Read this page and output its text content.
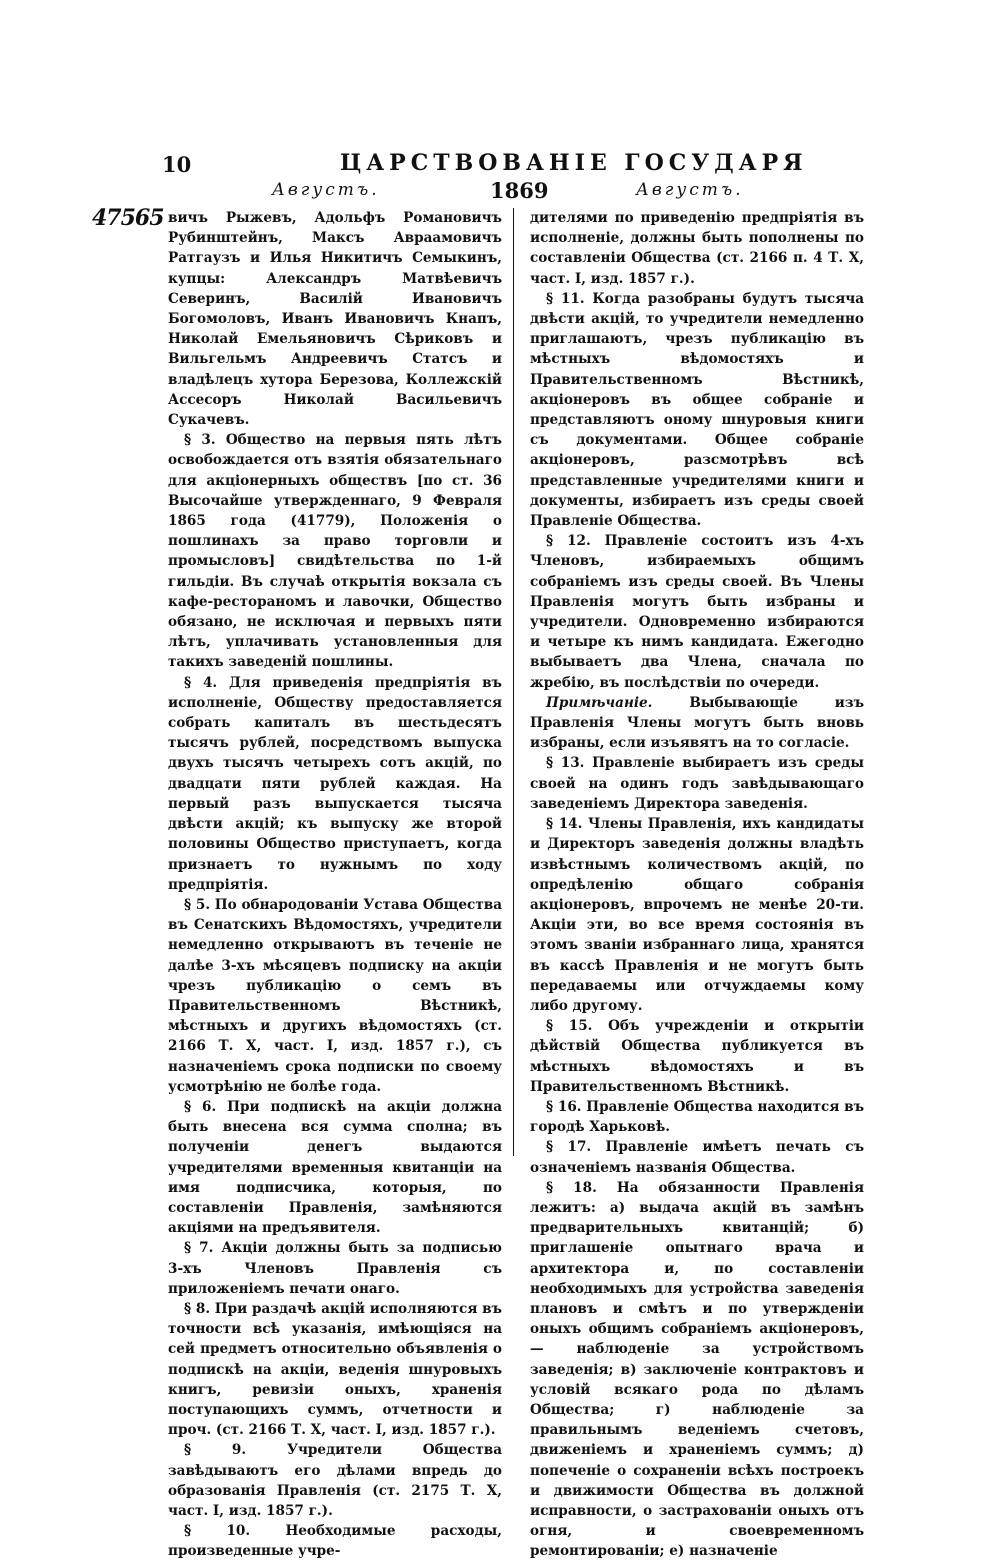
10	ЦАРСТВОВАНІЕ ГОСУДАРЯ
Августъ.	1869	Августъ.
47565 вичъ Рыжевъ, Адольфъ Романовичъ Рубинштейнъ, Максъ Авраамовичъ Ратгаузъ и Илья Никитичъ Семыкинъ, купцы: Александръ Матвѣевичъ Северинъ, Василій Ивановичъ Богомоловъ, Иванъ Ивановичъ Кнапъ, Николай Емельяновичъ Сѣриковъ и Вильгельмъ Андреевичъ Статсъ и владѣлецъ хутора Березова, Коллежскій Ассесоръ Николай Васильевичъ Сукачевъ.

§ 3. Общество на первыя пять лѣтъ освобождается отъ взятія обязательнаго для акціонерныхъ обществъ [по ст. 36 Высочайше утвержденнаго, 9 Февраля 1865 года (41779), Положенія о пошлинахъ за право торговли и промысловъ] свидѣтельства по 1-й гильдіи. Въ случаѣ открытія вокзала съ кафе-рестораномъ и лавочки, Общество обязано, не исключая и первыхъ пяти лѣтъ, уплачивать установленныя для такихъ заведеній пошлины.

§ 4. Для приведенія предпріятія въ исполненіе, Обществу предоставляется собрать капиталъ въ шестьдесятъ тысячъ рублей, посредствомъ выпуска двухъ тысячъ четырехъ сотъ акцій, по двадцати пяти рублей каждая. На первый разъ выпускается тысяча двѣсти акцій; къ выпуску же второй половины Общество приступаетъ, когда признаетъ то нужнымъ по ходу предпріятія.

§ 5. По обнародованіи Устава Общества въ Сенатскихъ Вѣдомостяхъ, учредители немедленно открываютъ въ теченіе не далѣе 3-хъ мѣсяцевъ подписку на акціи чрезъ публикацію о семъ въ Правительственномъ Вѣстникѣ, мѣстныхъ и другихъ вѣдомостяхъ (ст. 2166 Т. X, част. I, изд. 1857 г.), съ назначеніемъ срока подписки по своему усмотрѣнію не болѣе года.

§ 6. При подпискѣ на акціи должна быть внесена вся сумма сполна; въ полученіи денегъ выдаются учредителями временныя квитанціи на имя подписчика, которыя, по составленіи Правленія, замѣняются акціями на предъявителя.

§ 7. Акціи должны быть за подписью 3-хъ Членовъ Правленія съ приложеніемъ печати онаго.

§ 8. При раздачѣ акцій исполняются въ точности всѣ указанія, имѣющіяся на сей предметъ относительно объявленія о подпискѣ на акціи, веденія шнуровыхъ книгъ, ревизіи оныхъ, храненія поступающихъ суммъ, отчетности и проч. (ст. 2166 Т. X, част. I, изд. 1857 г.).

§ 9. Учредители Общества завѣдываютъ его дѣлами впредь до образованія Правленія (ст. 2175 Т. X, част. I, изд. 1857 г.).

§ 10. Необходимые расходы, произведенные учре-

дителями по приведенію предпріятія въ исполненіе, должны быть пополнены по составленіи Общества (ст. 2166 п. 4 Т. X, част. I, изд. 1857 г.).

§ 11. Когда разобраны будутъ тысяча двѣсти акцій, то учредители немедленно приглашаютъ, чрезъ публикацію въ мѣстныхъ вѣдомостяхъ и Правительственномъ Вѣстникѣ, акціонеровъ въ общее собраніе и представляютъ оному шнуровыя книги съ документами. Общее собраніе акціонеровъ, разсмотрѣвъ всѣ представленные учредителями книги и документы, избираетъ изъ среды своей Правленіе Общества.

§ 12. Правленіе состоитъ изъ 4-хъ Членовъ, избираемыхъ общимъ собраніемъ изъ среды своей. Въ Члены Правленія могутъ быть избраны и учредители. Одновременно избираются и четыре къ нимъ кандидата. Ежегодно выбываетъ два Члена, сначала по жребію, въ послѣдствіи по очереди.

Примѣчаніе.	Выбывающіе изъ Правленія Члены могутъ быть вновь избраны, если изъявятъ на то согласіе.

§ 13. Правленіе выбираетъ изъ среды своей на одинъ годъ завѣдывающаго заведеніемъ Директора заведенія.

§ 14. Члены Правленія, ихъ кандидаты и Директоръ заведенія должны владѣть извѣстнымъ количествомъ акцій, по опредѣленію общаго собранія акціонеровъ, впрочемъ не менѣе 20-ти. Акціи эти, во все время состоянія въ этомъ званіи избраннаго лица, хранятся въ кассѣ Правленія и не могутъ быть передаваемы или отчуждаемы кому либо другому.

§ 15. Объ учрежденіи и открытіи дѣйствій Общества публикуется въ мѣстныхъ вѣдомостяхъ и въ Правительственномъ Вѣстникѣ.

§ 16. Правленіе Общества находится въ городѣ Харьковѣ.

§ 17. Правленіе имѣетъ печать съ означеніемъ названія Общества.

§ 18. На обязанности Правленія лежитъ: а) выдача акцій въ замѣнъ предварительныхъ квитанцій; б) приглашеніе опытнаго врача и архитектора и, по составленіи необходимыхъ для устройства заведенія плановъ и смѣтъ и по утвержденіи оныхъ общимъ собраніемъ акціонеровъ, — наблюденіе за устройствомъ заведенія; в) заключеніе контрактовъ и условій всякаго рода по дѣламъ Общества; г) наблюденіе за правильнымъ веденіемъ счетовъ, движеніемъ и храненіемъ суммъ; д) попеченіе о сохраненіи всѣхъ построекъ и движимости Общества въ должной исправности, о застрахованіи оныхъ отъ огня, и своевременномъ ремонтированіи; е) назначеніе
